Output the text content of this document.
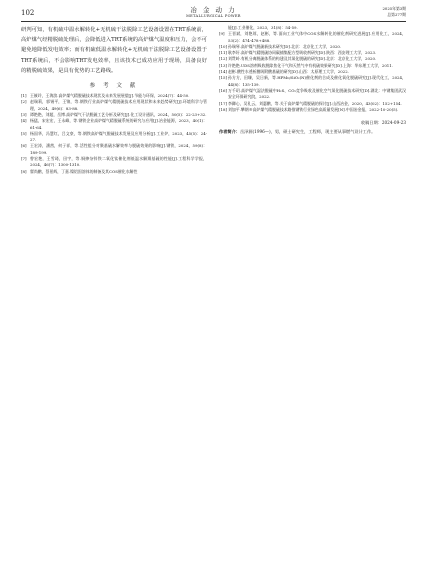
102	冶 金 动 力
METALLURGICAL POWER
2025年第3期
总第277期

研判可知，有机硫中温水解转化+无机硫干法脱除工艺设备设置在TRT系统前，高炉煤气经精脱硫处理后，会降低进入TRT系统的高炉煤气温度和压力，会不可避免地降低发电效率；而有机硫低温水解转化+无机硫干法脱除工艺设备设置于TRT系统后，不会影响TRT发电效率，且该技术已成功应用于现场，具备良好的精脱硫效果，是具有优势的工艺路线。

参 考 文 献
[1] 王筱玲，王海滨.高炉煤气精脱硫技术现状及未来发展展望[J].节能与环保，2024(7)：44-50.
[2] 赵瑞莉，郭锡平，王锦，等.钢铁行业高炉煤气精脱硫技术应用现状和未来趋势研究[J].环境科学与管理，2024，49(6)：83-88.
[3] 谭艳艳，刘超，岳博.高炉煤气干法脱硫工艺分析及研究[J].化工设计通讯，2024，50(5)：22-23+32.
[4] 杨猛，宋宏宏，王永峰，等.钢铁企业高炉煤气精脱硫系统的研究与应用[J].冶金能源，2023，40(1)：61-64.
[5] 杨国华，冯慧红，吕文豪，等.钢铁高炉煤气脱硫技术发展及应用分析[J].工业炉，2023，45(5)：24-27.
[6] 王宏涛，潘茜，何子祥，等.活性组分对聚基硫水解效率与脱硫效果的影响[J].钢铁，2024，59(8)：189-199.
[7] 曾宏艳，王雪琦，田宇，等.铜掺杂锌铁二氧化钛催化剂低温水解羰基硫的性能[J].工程科学学报，2024，46(7)：1300-1310.
[8] 翟尚鹏，蔡景辉，丁嘉.镍铝固溶体的制备及其COS催化水解性
能[J].工业催化，2023，31(8)：54-59.
[9] 王晋斌，刘艳琼，赵彬，等.面向工业气体中COS水解转化的催化剂研究进展[J].应用化工，2024，53(2)：474-478+488.
[10] 孙瑞琴.高炉煤气脱硫新技术研究[D].北京：北京化工大学，2020.
[11] 耿李好.高炉煤气精脱硫协同碳捕集配方型吸收剂研究[D].陕西：西安理工大学，2023.
[12] 刘贯岭.有机分离脱硫体系的构建及其氧化脱硫的研究[D].北京：北京化工大学，2020.
[13] 许艳艳.UDS溶剂吸收脱除焦化干气和天然气中有机硫效果研究[D].上海：华东理工大学，2011.
[14] 赵彬.酸性水透析膜吸附酸基硫的研究[D].山西：太原理工大学，2022.
[15] 孙方方，田臻，吴日新，等.HPMo/SiO₂(N)催化剂的合成及催化氧化脱硫研究[J].现代化工，2024，44(8)：135-139.
[16] 万千玥.高炉煤气湿法脱硫中H₂S、CO₂竞争吸收及催化空气氧化脱硫技术研究[D].湖北：中钢集团武汉安全环保研究院，2022.
[17] 李卿心，吴礼云，刘惠鹏，等.关于高炉煤气精脱硫的探讨[J].山西冶金，2020，43(02)：152+154.
[18] 刘加平.攀钢®高炉煤气精脱硫技术路推钢铁行业绿色高质量发展[N].中国冶金报，2022-10-20(5).
收稿日期：2024-09-23
作者简介：岳泽源(1996—)，男，硕士研究生，工程师，现主要从事燃气设计工作。
